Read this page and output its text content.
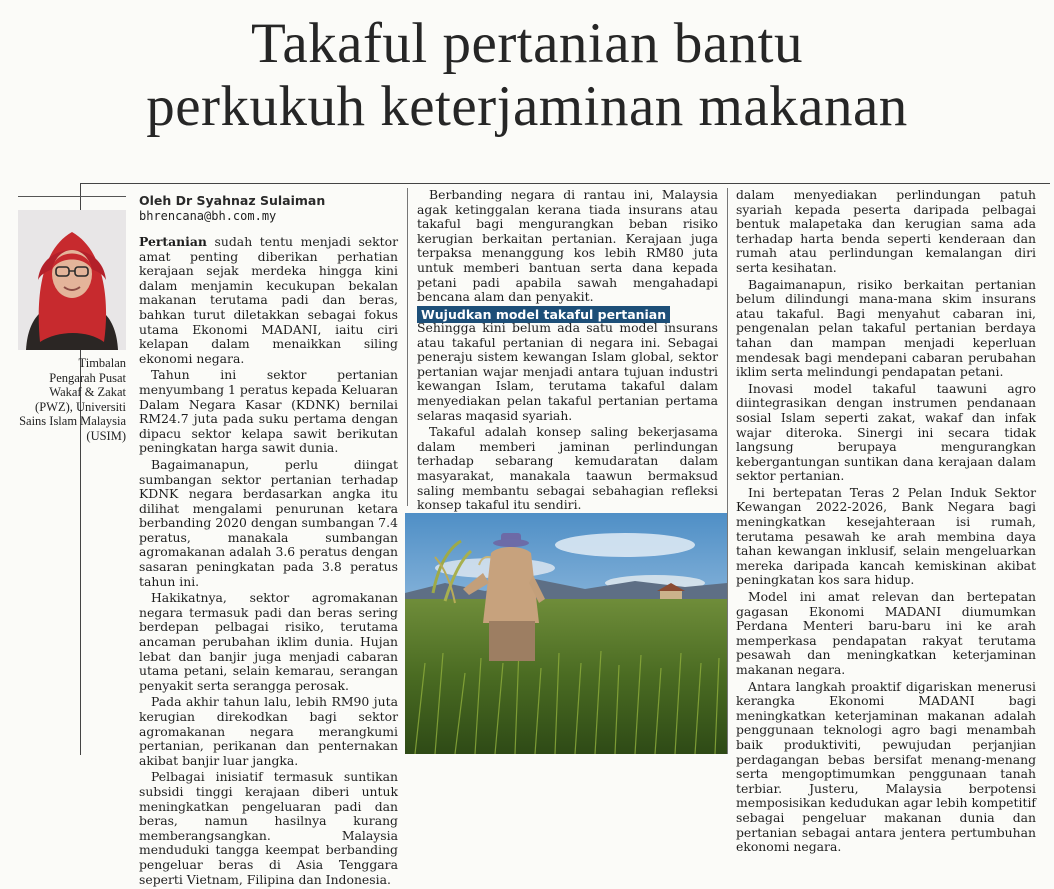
Takaful pertanian bantu
perkukuh keterjaminan makanan
Timbalan
Pengarah Pusat
Wakaf & Zakat
(PWZ), Universiti
Sains Islam Malaysia
(USIM)
Oleh Dr Syahnaz Sulaiman
bhrencana@bh.com.my

Pertanian sudah tentu menjadi sektor amat penting diberikan perhatian kerajaan sejak merdeka hingga kini dalam menjamin kecukupan bekalan makanan terutama padi dan beras, bahkan turut diletakkan sebagai fokus utama Ekonomi MADANI, iaitu ciri kelapan dalam menaikkan siling ekonomi negara.

Tahun ini sektor pertanian menyumbang 1 peratus kepada Keluaran Dalam Negara Kasar (KDNK) bernilai RM24.7 juta pada suku pertama dengan dipacu sektor kelapa sawit berikutan peningkatan harga sawit dunia.

Bagaimanapun, perlu diingat sumbangan sektor pertanian terhadap KDNK negara berdasarkan angka itu dilihat mengalami penurunan ketara berbanding 2020 dengan sumbangan 7.4 peratus, manakala sumbangan agromakanan adalah 3.6 peratus dengan sasaran peningkatan pada 3.8 peratus tahun ini.

Hakikatnya, sektor agromakanan negara termasuk padi dan beras sering berdepan pelbagai risiko, terutama ancaman perubahan iklim dunia. Hujan lebat dan banjir juga menjadi cabaran utama petani, selain kemarau, serangan penyakit serta serangga perosak.

Pada akhir tahun lalu, lebih RM90 juta kerugian direkodkan bagi sektor agromakanan negara merangkumi pertanian, perikanan dan penternakan akibat banjir luar jangka.

Pelbagai inisiatif termasuk suntikan subsidi tinggi kerajaan diberi untuk meningkatkan pengeluaran padi dan beras, namun hasilnya kurang memberangsangkan. Malaysia menduduki tangga keempat berbanding pengeluar beras di Asia Tenggara seperti Vietnam, Filipina dan Indonesia.

Berbanding negara di rantau ini, Malaysia agak ketinggalan kerana tiada insurans atau takaful bagi mengurangkan beban risiko kerugian berkaitan pertanian. Kerajaan juga terpaksa menanggung kos lebih RM80 juta untuk memberi bantuan serta dana kepada petani padi apabila sawah mengahadapi bencana alam dan penyakit.

Wujudkan model takaful pertanian

Sehingga kini belum ada satu model insurans atau takaful pertanian di negara ini. Sebagai peneraju sistem kewangan Islam global, sektor pertanian wajar menjadi antara tujuan industri kewangan Islam, terutama takaful dalam menyediakan pelan takaful pertanian pertama selaras maqasid syariah.

Takaful adalah konsep saling bekerjasama dalam memberi jaminan perlindungan terhadap sebarang kemudaratan dalam masyarakat, manakala taawun bermaksud saling membantu sebagai sebahagian refleksi konsep takaful itu sendiri.

dalam menyediakan perlindungan patuh syariah kepada peserta daripada pelbagai bentuk malapetaka dan kerugian sama ada terhadap harta benda seperti kenderaan dan rumah atau perlindungan kemalangan diri serta kesihatan.

Bagaimanapun, risiko berkaitan pertanian belum dilindungi mana-mana skim insurans atau takaful. Bagi menyahut cabaran ini, pengenalan pelan takaful pertanian berdaya tahan dan mampan menjadi keperluan mendesak bagi mendepani cabaran perubahan iklim serta melindungi pendapatan petani.

Inovasi model takaful taawuni agro diintegrasikan dengan instrumen pendanaan sosial Islam seperti zakat, wakaf dan infak wajar diteroka. Sinergi ini secara tidak langsung berupaya mengurangkan kebergantungan suntikan dana kerajaan dalam sektor pertanian.

Ini bertepatan Teras 2 Pelan Induk Sektor Kewangan 2022-2026, Bank Negara bagi meningkatkan kesejahteraan isi rumah, terutama pesawah ke arah membina daya tahan kewangan inklusif, selain mengeluarkan mereka daripada kancah kemiskinan akibat peningkatan kos sara hidup.

Model ini amat relevan dan bertepatan gagasan Ekonomi MADANI diumumkan Perdana Menteri baru-baru ini ke arah memperkasa pendapatan rakyat terutama pesawah dan meningkatkan keterjaminan makanan negara.

Antara langkah proaktif digariskan menerusi kerangka Ekonomi MADANI bagi meningkatkan keterjaminan makanan adalah penggunaan teknologi agro bagi menambah baik produktiviti, pewujudan perjanjian perdagangan bebas bersifat menang-menang serta mengoptimumkan penggunaan tanah terbiar. Justeru, Malaysia berpotensi memposisikan kedudukan agar lebih kompetitif sebagai pengeluar makanan dunia dan pertanian sebagai antara jentera pertumbuhan ekonomi negara.
